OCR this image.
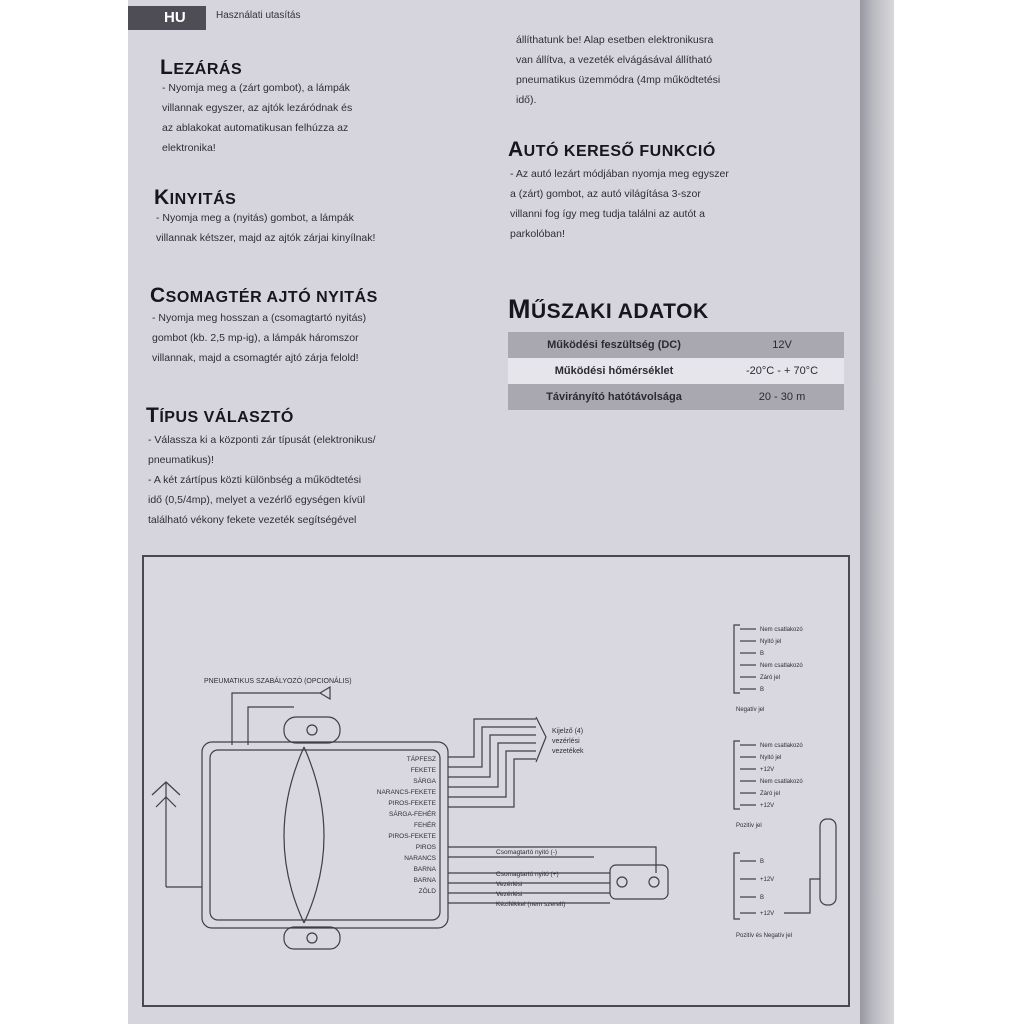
HU	Használati utasítás
LEZÁRÁS

- Nyomja meg a (zárt gombot), a lámpák

villannak egyszer, az ajtók lezáródnak és

az ablakokat automatikusan felhúzza az

elektronika!

KINYITÁS

- Nyomja meg a (nyitás) gombot, a lámpák

villannak kétszer, majd az ajtók zárjai kinyílnak!

CSOMAGTÉR AJTÓ NYITÁS

- Nyomja meg hosszan a (csomagtartó nyitás)

gombot (kb. 2,5 mp-ig), a lámpák háromszor

villannak, majd a csomagtér ajtó zárja felold!

TÍPUS VÁLASZTÓ

- Válassza ki a központi zár típusát (elektronikus/

pneumatikus)!

- A két zártípus közti különbség a működtetési

idő (0,5/4mp), melyet a vezérlő egységen kívül

található vékony fekete vezeték segítségével

állíthatunk be! Alap esetben elektronikusra

van állítva, a vezeték elvágásával állítható

pneumatikus üzemmódra (4mp működtetési

idő).

AUTÓ KERESŐ FUNKCIÓ

- Az autó lezárt módjában nyomja meg egyszer

a (zárt) gombot, az autó világítása 3-szor

villanni fog így meg tudja találni az autót a

parkolóban!

MŰSZAKI ADATOK
Működési feszültség (DC)	12V
Működési hőmérséklet	-20°C - + 70°C
Távirányító hatótávolsága	20 - 30 m
PNEUMATIKUS SZABÁLYOZÓ (OPCIONÁLIS)
TÁPFESZ
FEKETE
SÁRGA
NARANCS-FEKETE
PIROS-FEKETE
SÁRGA-FEHÉR
FEHÉR
PIROS-FEKETE
PIROS
NARANCS
BARNA
BARNA
ZÖLD
Kijelző (4)
vezérlési
vezetékek
Csomagtartó nyitó (-)
Csomagtartó nyitó (+)
Vezérlési
Vezérlési
Kézifékkel (nem szerelt)
Nem csatlakozó
Nyitó jel
B
Nem csatlakozó
Záró jel
B
Negatív jel
Nem csatlakozó
Nyitó jel
+12V
Nem csatlakozó
Záró jel
+12V
Pozitív jel
B
+12V
B
+12V
Pozitív és Negatív jel
